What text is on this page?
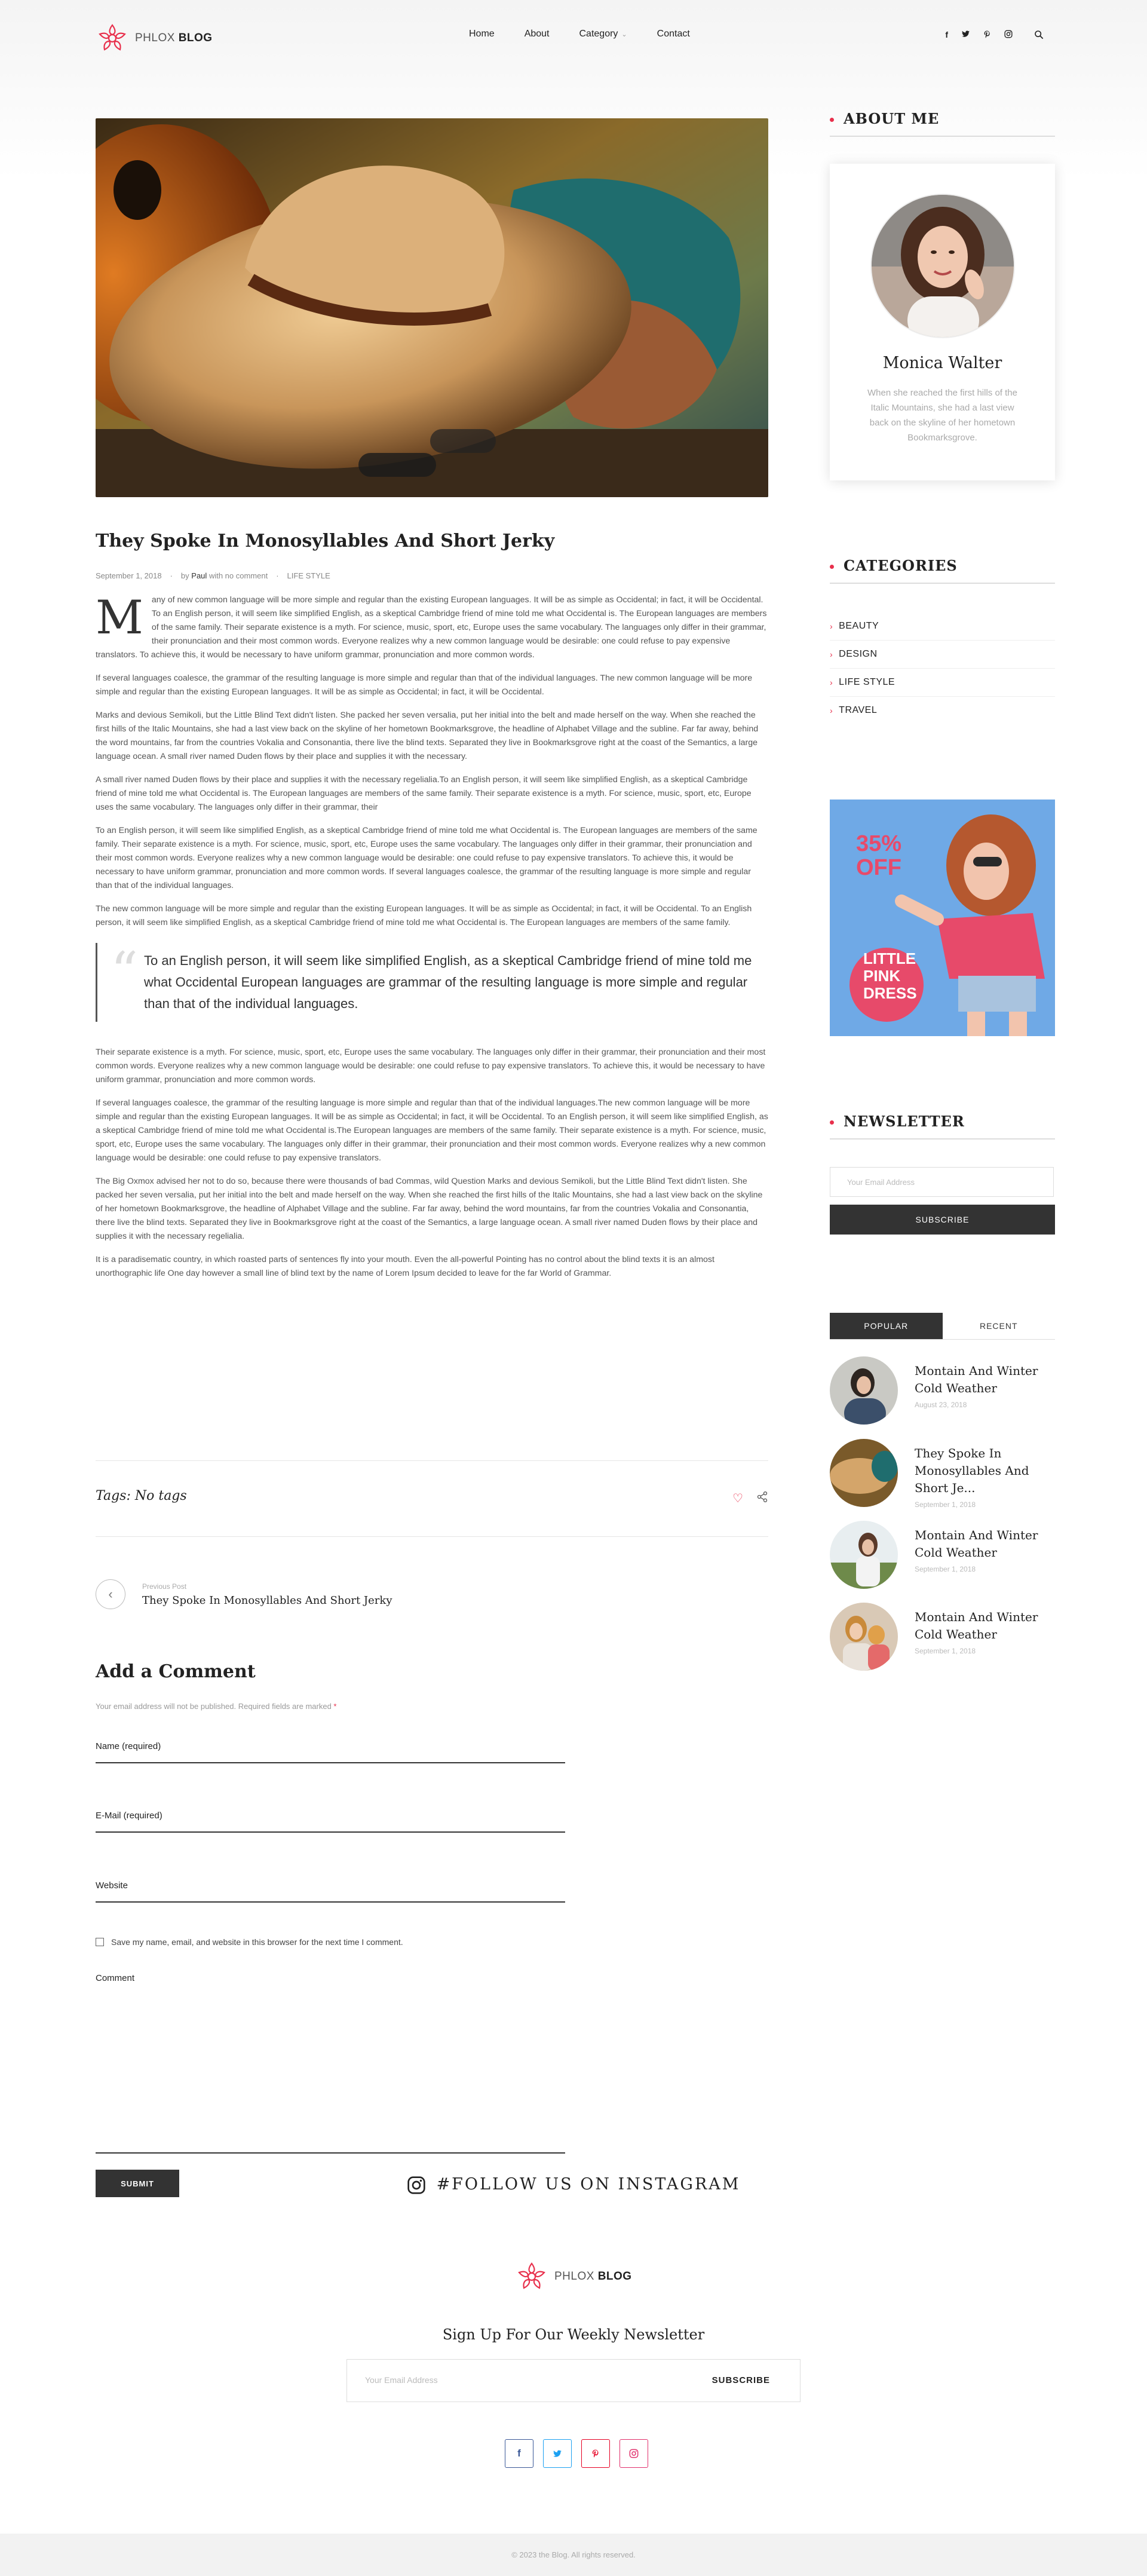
PHLOX BLOG	Home	About	Category ⌄	Contact	f
They Spoke In Monosyllables And Short Jerky
September 1, 2018 · by Paul with no comment · LIFE STYLE

Many of new common language will be more simple and regular than the existing European languages. It will be as simple as Occidental; in fact, it will be Occidental. To an English person, it will seem like simplified English, as a skeptical Cambridge friend of mine told me what Occidental is. The European languages are members of the same family. Their separate existence is a myth. For science, music, sport, etc, Europe uses the same vocabulary. The languages only differ in their grammar, their pronunciation and their most common words. Everyone realizes why a new common language would be desirable: one could refuse to pay expensive translators. To achieve this, it would be necessary to have uniform grammar, pronunciation and more common words.

If several languages coalesce, the grammar of the resulting language is more simple and regular than that of the individual languages. The new common language will be more simple and regular than the existing European languages. It will be as simple as Occidental; in fact, it will be Occidental.

Marks and devious Semikoli, but the Little Blind Text didn't listen. She packed her seven versalia, put her initial into the belt and made herself on the way. When she reached the first hills of the Italic Mountains, she had a last view back on the skyline of her hometown Bookmarksgrove, the headline of Alphabet Village and the subline. Far far away, behind the word mountains, far from the countries Vokalia and Consonantia, there live the blind texts. Separated they live in Bookmarksgrove right at the coast of the Semantics, a large language ocean. A small river named Duden flows by their place and supplies it with the necessary.

A small river named Duden flows by their place and supplies it with the necessary regelialia.To an English person, it will seem like simplified English, as a skeptical Cambridge friend of mine told me what Occidental is. The European languages are members of the same family. Their separate existence is a myth. For science, music, sport, etc, Europe uses the same vocabulary. The languages only differ in their grammar, their

To an English person, it will seem like simplified English, as a skeptical Cambridge friend of mine told me what Occidental is. The European languages are members of the same family. Their separate existence is a myth. For science, music, sport, etc, Europe uses the same vocabulary. The languages only differ in their grammar, their pronunciation and their most common words. Everyone realizes why a new common language would be desirable: one could refuse to pay expensive translators. To achieve this, it would be necessary to have uniform grammar, pronunciation and more common words. If several languages coalesce, the grammar of the resulting language is more simple and regular than that of the individual languages.

The new common language will be more simple and regular than the existing European languages. It will be as simple as Occidental; in fact, it will be Occidental. To an English person, it will seem like simplified English, as a skeptical Cambridge friend of mine told me what Occidental is. The European languages are members of the same family.

“ To an English person, it will seem like simplified English, as a skeptical Cambridge friend of mine told me what Occidental European languages are grammar of the resulting language is more simple and regular than that of the individual languages.

Their separate existence is a myth. For science, music, sport, etc, Europe uses the same vocabulary. The languages only differ in their grammar, their pronunciation and their most common words. Everyone realizes why a new common language would be desirable: one could refuse to pay expensive translators. To achieve this, it would be necessary to have uniform grammar, pronunciation and more common words.

If several languages coalesce, the grammar of the resulting language is more simple and regular than that of the individual languages.The new common language will be more simple and regular than the existing European languages. It will be as simple as Occidental; in fact, it will be Occidental. To an English person, it will seem like simplified English, as a skeptical Cambridge friend of mine told me what Occidental is.The European languages are members of the same family. Their separate existence is a myth. For science, music, sport, etc, Europe uses the same vocabulary. The languages only differ in their grammar, their pronunciation and their most common words. Everyone realizes why a new common language would be desirable: one could refuse to pay expensive translators.

The Big Oxmox advised her not to do so, because there were thousands of bad Commas, wild Question Marks and devious Semikoli, but the Little Blind Text didn't listen. She packed her seven versalia, put her initial into the belt and made herself on the way. When she reached the first hills of the Italic Mountains, she had a last view back on the skyline of her hometown Bookmarksgrove, the headline of Alphabet Village and the subline. Far far away, behind the word mountains, far from the countries Vokalia and Consonantia, there live the blind texts. Separated they live in Bookmarksgrove right at the coast of the Semantics, a large language ocean. A small river named Duden flows by their place and supplies it with the necessary regelialia.

It is a paradisematic country, in which roasted parts of sentences fly into your mouth. Even the all-powerful Pointing has no control about the blind texts it is an almost unorthographic life One day however a small line of blind text by the name of Lorem Ipsum decided to leave for the far World of Grammar.

Tags: No tags	♡
‹
Previous Post
They Spoke In Monosyllables And Short Jerky
Add a Comment
Your email address will not be published. Required fields are marked *
Name (required)
E-Mail (required)
Website
Save my name, email, and website in this browser for the next time I comment.
Comment
SUBMIT
ABOUT ME
Monica Walter
When she reached the first hills of the Italic Mountains, she had a last view back on the skyline of her hometown Bookmarksgrove.
CATEGORIES
› BEAUTY
› DESIGN
› LIFE STYLE
› TRAVEL
35%
OFF
LITTLE
PINK
DRESS
NEWSLETTER
Your Email Address
SUBSCRIBE
POPULAR	RECENT
Montain And Winter Cold Weather
August 23, 2018
They Spoke In Monosyllables And Short Je...
September 1, 2018
Montain And Winter Cold Weather
September 1, 2018
Montain And Winter Cold Weather
September 1, 2018
#FOLLOW US ON INSTAGRAM
PHLOX BLOG
Sign Up For Our Weekly Newsletter
Your Email Address	SUBSCRIBE
f
© 2023 the Blog. All rights reserved.
